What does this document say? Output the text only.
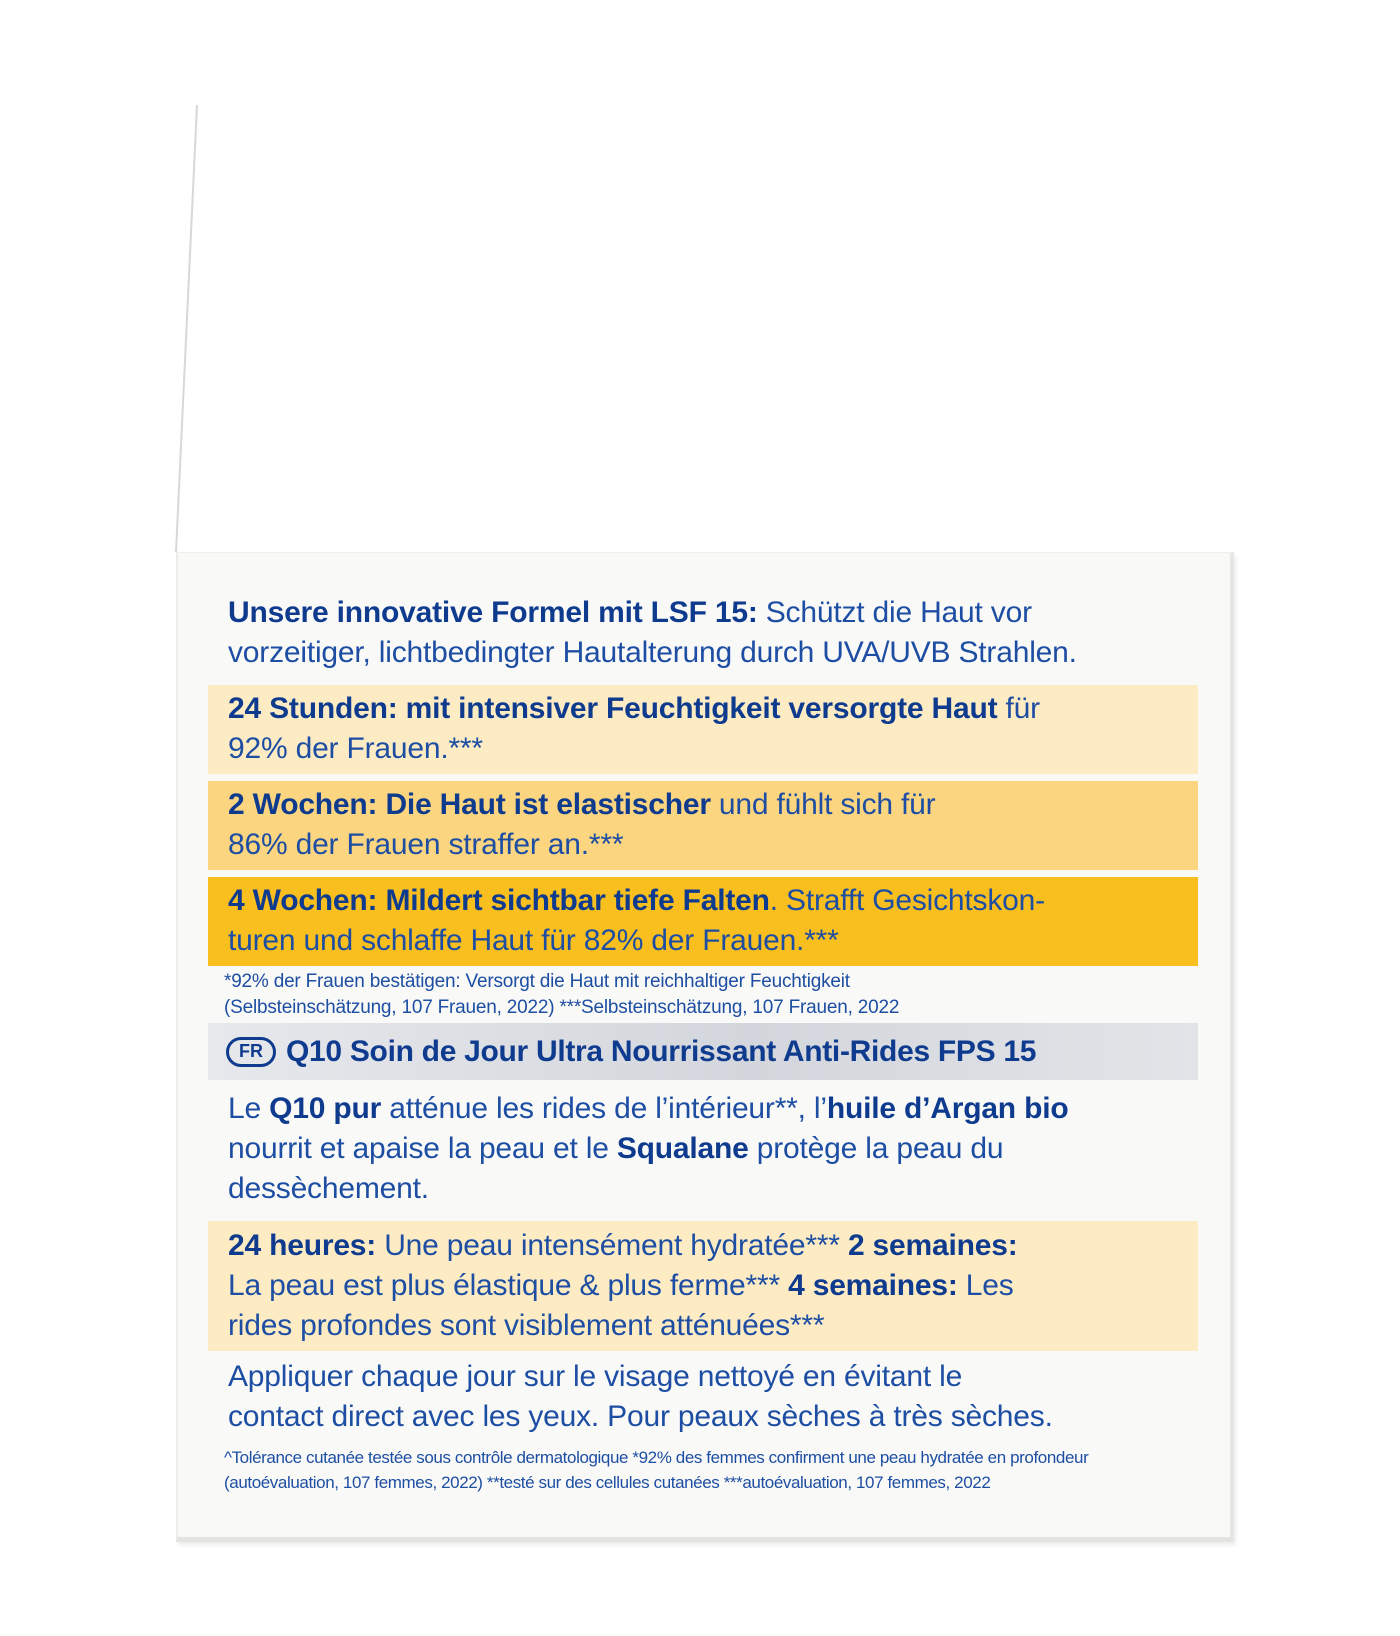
Unsere innovative Formel mit LSF 15: Schützt die Haut vor
vorzeitiger, lichtbedingter Hautalterung durch UVA/UVB Strahlen.
24 Stunden: mit intensiver Feuchtigkeit versorgte Haut für
92% der Frauen.***
2 Wochen: Die Haut ist elastischer und fühlt sich für
86% der Frauen straffer an.***
4 Wochen: Mildert sichtbar tiefe Falten. Strafft Gesichtskon-
turen und schlaffe Haut für 82% der Frauen.***
*92% der Frauen bestätigen: Versorgt die Haut mit reichhaltiger Feuchtigkeit
(Selbsteinschätzung, 107 Frauen, 2022) ***Selbsteinschätzung, 107 Frauen, 2022
FR Q10 Soin de Jour Ultra Nourrissant Anti-Rides FPS 15
Le Q10 pur atténue les rides de l’intérieur**, l’huile d’Argan bio
nourrit et apaise la peau et le Squalane protège la peau du
dessèchement.
24 heures: Une peau intensément hydratée*** 2 semaines:
La peau est plus élastique & plus ferme*** 4 semaines: Les
rides profondes sont visiblement atténuées***
Appliquer chaque jour sur le visage nettoyé en évitant le
contact direct avec les yeux. Pour peaux sèches à très sèches.
^Tolérance cutanée testée sous contrôle dermatologique *92% des femmes confirment une peau hydratée en profondeur
(autoévaluation, 107 femmes, 2022) **testé sur des cellules cutanées ***autoévaluation, 107 femmes, 2022
